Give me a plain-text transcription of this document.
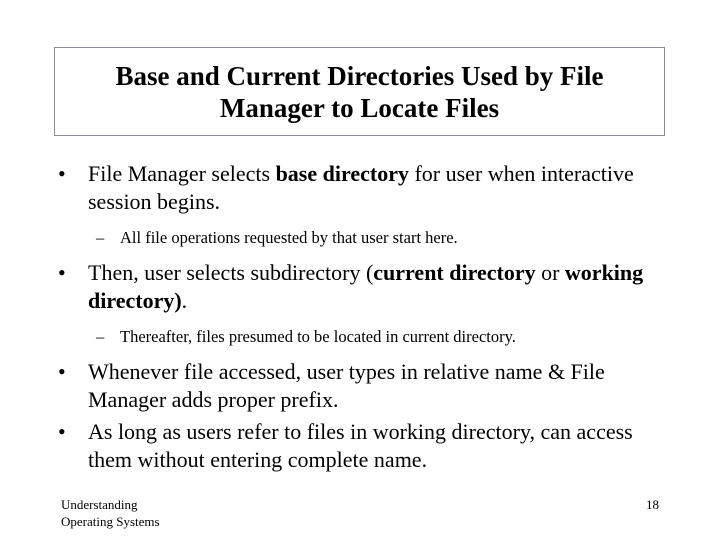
Base and Current Directories Used by File Manager to Locate Files
•	File Manager selects base directory for user when interactive session begins.
– All file operations requested by that user start here.
•	Then, user selects subdirectory (current directory or working directory).
– Thereafter, files presumed to be located in current directory.
•	Whenever file accessed, user types in relative name & File Manager adds proper prefix.
•	As long as users refer to files in working directory, can access them without entering complete name.
Understanding
Operating Systems
18
